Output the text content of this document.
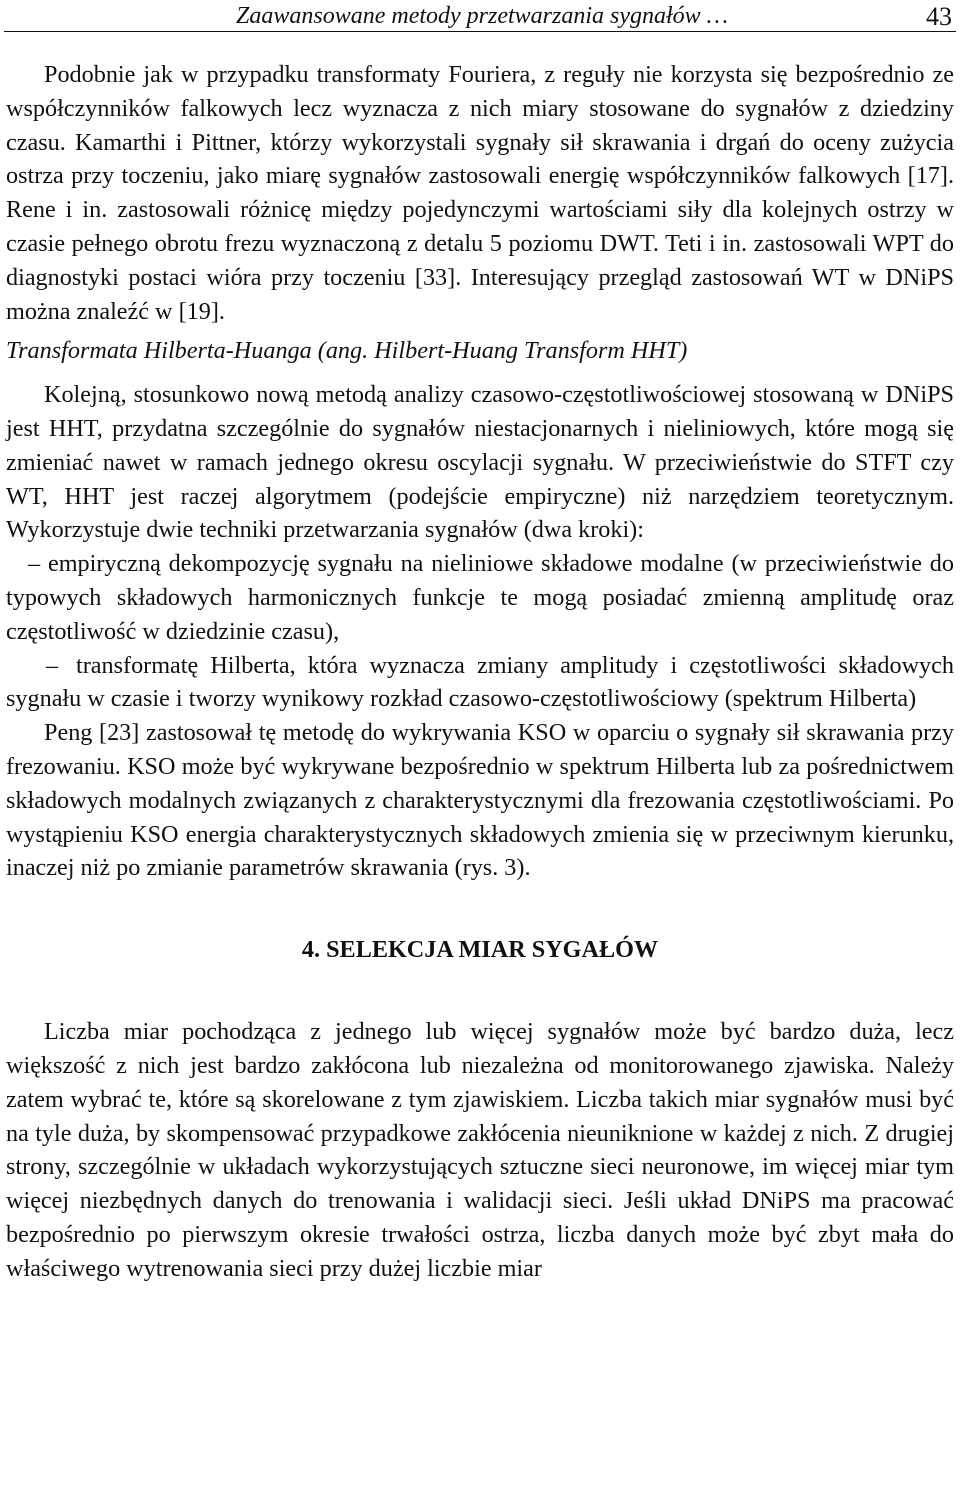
Zaawansowane metody przetwarzania sygnałów …	43

Podobnie jak w przypadku transformaty Fouriera, z reguły nie korzysta się bezpośrednio ze współczynników falkowych lecz wyznacza z nich miary stosowane do sygnałów z dziedziny czasu. Kamarthi i Pittner, którzy wykorzystali sygnały sił skrawania i drgań do oceny zużycia ostrza przy toczeniu, jako miarę sygnałów zastosowali energię współczynników falkowych [17]. Rene i in. zastosowali różnicę między pojedynczymi wartościami siły dla kolejnych ostrzy w czasie pełnego obrotu frezu wyznaczoną z detalu 5 poziomu DWT. Teti i in. zastosowali WPT do diagnostyki postaci wióra przy toczeniu [33]. Interesujący przegląd zastosowań WT w DNiPS można znaleźć w [19].

Transformata Hilberta-Huanga (ang. Hilbert-Huang Transform HHT)

Kolejną, stosunkowo nową metodą analizy czasowo-częstotliwościowej stosowaną w DNiPS jest HHT, przydatna szczególnie do sygnałów niestacjonarnych i nieliniowych, które mogą się zmieniać nawet w ramach jednego okresu oscylacji sygnału. W przeciwieństwie do STFT czy WT, HHT jest raczej algorytmem (podejście empiryczne) niż narzędziem teoretycznym. Wykorzystuje dwie techniki przetwarzania sygnałów (dwa kroki):

– empiryczną dekompozycję sygnału na nieliniowe składowe modalne (w przeciwieństwie do typowych składowych harmonicznych funkcje te mogą posiadać zmienną amplitudę oraz częstotliwość w dziedzinie czasu),

– transformatę Hilberta, która wyznacza zmiany amplitudy i częstotliwości składowych sygnału w czasie i tworzy wynikowy rozkład czasowo-częstotliwościowy (spektrum Hilberta)

Peng [23] zastosował tę metodę do wykrywania KSO w oparciu o sygnały sił skrawania przy frezowaniu. KSO może być wykrywane bezpośrednio w spektrum Hilberta lub za pośrednictwem składowych modalnych związanych z charakterystycznymi dla frezowania częstotliwościami. Po wystąpieniu KSO energia charakterystycznych składowych zmienia się w przeciwnym kierunku, inaczej niż po zmianie parametrów skrawania (rys. 3).

4. SELEKCJA MIAR SYGAŁÓW

Liczba miar pochodząca z jednego lub więcej sygnałów może być bardzo duża, lecz większość z nich jest bardzo zakłócona lub niezależna od monitorowanego zjawiska. Należy zatem wybrać te, które są skorelowane z tym zjawiskiem. Liczba takich miar sygnałów musi być na tyle duża, by skompensować przypadkowe zakłócenia nieuniknione w każdej z nich. Z drugiej strony, szczególnie w układach wykorzystujących sztuczne sieci neuronowe, im więcej miar tym więcej niezbędnych danych do trenowania i walidacji sieci. Jeśli układ DNiPS ma pracować bezpośrednio po pierwszym okresie trwałości ostrza, liczba danych może być zbyt mała do właściwego wytrenowania sieci przy dużej liczbie miar
